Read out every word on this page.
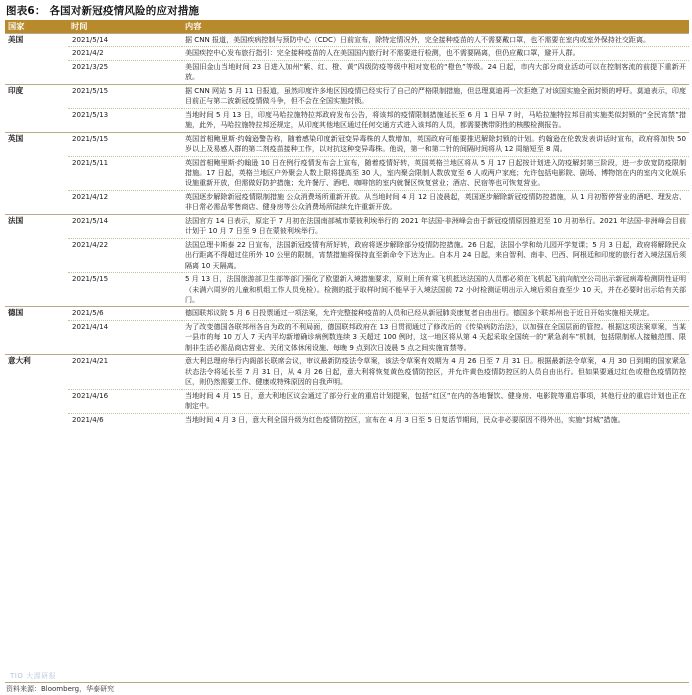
图表6： 各国对新冠疫情风险的应对措施
国家	时间	内容
美国	2021/5/14	据 CNN 报道，美国疾病控制与预防中心（CDC）日前宣布，除特定情况外，完全接种疫苗的人不需要戴口罩，也不需要在室内或室外保持社交距离。
	2021/4/2	美国疾控中心发布旅行指引：完全接种疫苗的人在美国国内旅行时不需要进行检测，也不需要隔离，但仍应戴口罩，避开人群。
	2021/3/25	美国旧金山当地时间 23 日进入加州“紫、红、橙、黄”四级防疫等级中相对宽松的“橙色”等级。24 日起，市内大部分商业活动可以在控制客流的前提下重新开放。
印度	2021/5/15	据 CNN 网站 5 月 11 日报道，虽然印度许多地区因疫情已经实行了自己的严格限制措施，但总理莫迪再一次拒绝了对该国实施全面封锁的呼吁。莫迪表示，印度目前正与第二波新冠疫情做斗争，但不会在全国实施封锁。
	2021/5/13	当地时间 5 月 13 日，印度马哈拉施特拉邦政府发布公告，将该邦的疫情限制措施延长至 6 月 1 日早 7 时，马哈拉施特拉邦目前实施类似封锁的“全民宵禁”措施，此外，马哈拉施特拉邦还规定，从印度其他地区通过任何交通方式进入该邦的人员，都需要携带阴性的核酸检测报告。
英国	2021/5/15	英国首相鲍里斯·约翰逊警告称，随着感染印度新冠变异毒株的人数增加，英国政府可能要推迟解除封锁的计划。约翰逊在伦敦发表讲话时宣布，政府将加快 50 岁以上及易感人群的第二剂疫苗接种工作，以对抗这种变异毒株。他说，第一和第二针的间隔时间将从 12 周缩短至 8 周。
	2021/5/11	英国首相鲍里斯·约翰逊 10 日在例行疫情发布会上宣布，随着疫情好转，英国英格兰地区将从 5 月 17 日起按计划进入防疫解封第三阶段，进一步放宽防疫限制措施。17 日起，英格兰地区户外聚会人数上限将提高至 30 人，室内聚会限制人数放宽至 6 人或两户家庭；允许包括电影院、剧场、博物馆在内的室内文化娱乐设施重新开放，但需做好防护措施；允许餐厅、酒吧、咖啡馆的室内就餐区恢复营业；酒店、民宿等也可恢复营业。
	2021/4/12	英国逐步解除新冠疫情限制措施 公众消费场所重新开放。从当地时间 4 月 12 日凌晨起，英国逐步解除新冠疫情防控措施，从 1 月初暂停营业的酒吧、理发店、非日常必需品零售商店、健身房等公众消费场所陆续允许重新开放。
法国	2021/5/14	法国官方 14 日表示，原定于 7 月初在法国南部城市蒙彼利埃举行的 2021 年法国-非洲峰会由于新冠疫情原因推迟至 10 月初举行。2021 年法国-非洲峰会目前计划于 10 月 7 日至 9 日在蒙彼利埃举行。
	2021/4/22	法国总理卡斯泰 22 日宣布，法国新冠疫情有所好转，政府将逐步解除部分疫情防控措施。26 日起，法国小学和幼儿园开学复课；5 月 3 日起，政府将解除民众出行距离不得超过住所外 10 公里的限制，宵禁措施将保持直至新命令下达为止。自本月 24 日起，来自智利、南非、巴西、阿根廷和印度的旅行者入境法国后须隔离 10 天隔离。
	2021/5/15	5 月 13 日，法国旅游部卫生部等部门强化了欧盟新入境措施要求，原则上所有乘飞机抵达法国的人员都必须在飞机起飞前向航空公司出示新冠病毒检测阴性证明（未满六周岁的儿童和机组工作人员免检）。检测的抵于取样时间不能早于入境法国前 72 小时检测证明出示入境后须自查至少 10 天，并在必要时出示给有关部门。
德国	2021/5/6	德国联邦议院 5 月 6 日投票通过一项法案，允许完整接种疫苗的人员和已经从新冠肺炎康复者自由出行。德国多个联邦州也于近日开始实施相关规定。
	2021/4/14	为了改变德国各联邦州各自为政的不利局面，德国联邦政府在 13 日贯彻通过了修改后的《传染病防治法》，以加强在全国层面的管控。根据这项法案草案，当某一县市的每 10 万人 7 天内平均新增确诊病例数连续 3 天超过 100 例时，这一地区将从第 4 天起采取全国统一的“紧急刹车”机制，包括限制私人接触范围、限制非生活必需品商店营业、关闭文体休闲设施、每晚 9 点到次日凌晨 5 点之间实施宵禁等。
意大利	2021/4/21	意大利总理府举行内阁部长联席会议，审议最新防疫法令草案，该法令草案有效期为 4 月 26 日至 7 月 31 日。根据最新法令草案，4 月 30 日到期的国家紧急状态法令将延长至 7 月 31 日，从 4 月 26 日起，意大利将恢复黄色疫情防控区，并允许黄色疫情防控区的人员自由出行。但如果要通过红色或橙色疫情防控区，则仍然需要工作、健康或特殊原因的自我声明。
	2021/4/16	当地时间 4 月 15 日，意大利地区议会通过了部分行业的重启计划提案，包括“红区”在内的各地餐饮、健身房、电影院等重启事项，其他行业的重启计划也正在制定中。
	2021/4/6	当地时间 4 月 3 日，意大利全国升级为红色疫情防控区，宣布在 4 月 3 日至 5 日复活节期间，民众非必要原因不得外出，实施“封城”措施。
TIO 大源研报
资料来源：Bloomberg，华泰研究
